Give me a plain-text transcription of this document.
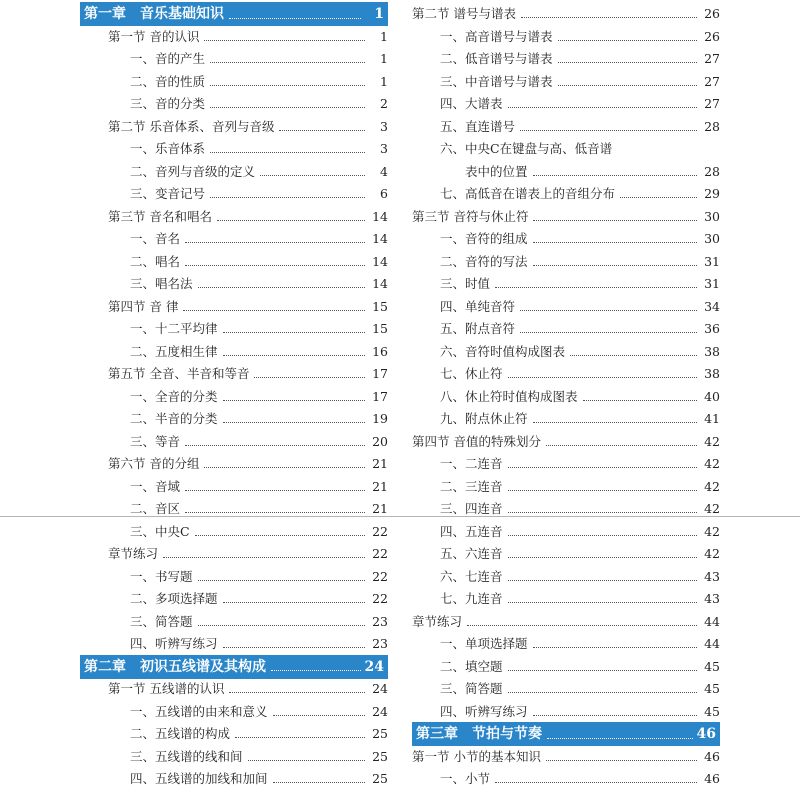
第一章　音乐基础知识	1
第一节 音的认识	1
一、音的产生	1
二、音的性质	1
三、音的分类	2
第二节 乐音体系、音列与音级	3
一、乐音体系	3
二、音列与音级的定义	4
三、变音记号	6
第三节 音名和唱名	14
一、音名	14
二、唱名	14
三、唱名法	14
第四节 音 律	15
一、十二平均律	15
二、五度相生律	16
第五节 全音、半音和等音	17
一、全音的分类	17
二、半音的分类	19
三、等音	20
第六节 音的分组	21
一、音域	21
二、音区	21
三、中央C	22
章节练习	22
一、书写题	22
二、多项选择题	22
三、简答题	23
四、听辨写练习	23
第二章　初识五线谱及其构成	24
第一节 五线谱的认识	24
一、五线谱的由来和意义	24
二、五线谱的构成	25
三、五线谱的线和间	25
四、五线谱的加线和加间	25
第二节 谱号与谱表	26
一、高音谱号与谱表	26
二、低音谱号与谱表	27
三、中音谱号与谱表	27
四、大谱表	27
五、直连谱号	28
六、中央C在键盘与高、低音谱
　　表中的位置	28
七、高低音在谱表上的音组分布	29
第三节 音符与休止符	30
一、音符的组成	30
二、音符的写法	31
三、时值	31
四、单纯音符	34
五、附点音符	36
六、音符时值构成图表	38
七、休止符	38
八、休止符时值构成图表	40
九、附点休止符	41
第四节 音值的特殊划分	42
一、二连音	42
二、三连音	42
三、四连音	42
四、五连音	42
五、六连音	42
六、七连音	43
七、九连音	43
章节练习	44
一、单项选择题	44
二、填空题	45
三、简答题	45
四、听辨写练习	45
第三章　节拍与节奏	46
第一节 小节的基本知识	46
一、小节	46
